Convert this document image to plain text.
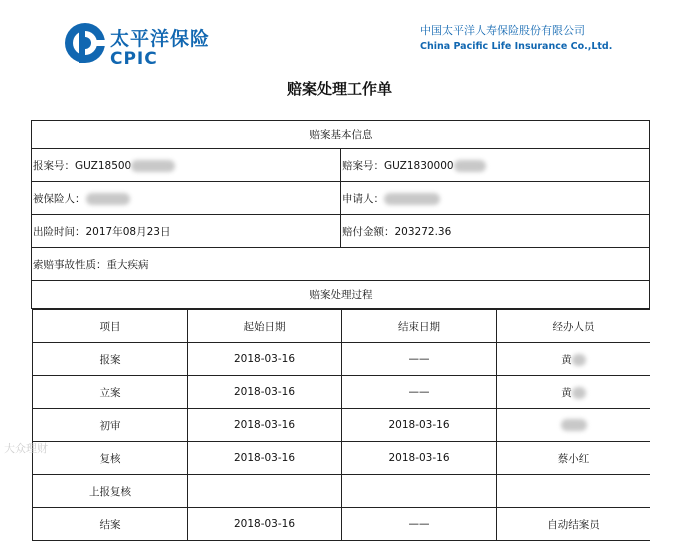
太平洋保险
CPIC
中国太平洋人寿保险股份有限公司
China Pacific Life Insurance Co.,Ltd.
赔案处理工作单
赔案基本信息
报案号：GUZ18500	赔案号：GUZ1830000
被保险人：	申请人：
出险时间：2017年08月23日	赔付金额：203272.36
索赔事故性质：重大疾病
赔案处理过程

项目	起始日期	结束日期	经办人员
报案	2018-03-16	——	黄
立案	2018-03-16	——	黄
初审	2018-03-16	2018-03-16	
复核	2018-03-16	2018-03-16	蔡小红
上报复核			
结案	2018-03-16	——	自动结案员
大众理财
